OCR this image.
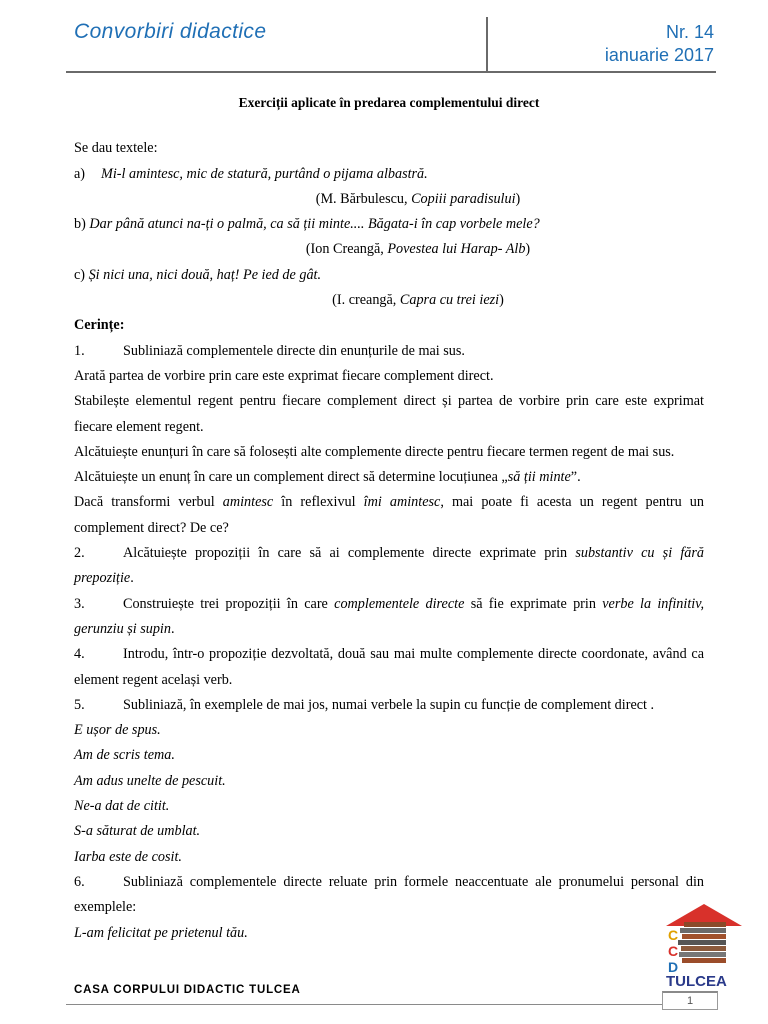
Convorbiri didactice	Nr. 14
ianuarie 2017
Exerciții aplicate în predarea complementului direct
Se dau textele:
a) Mi-l amintesc, mic de statură, purtând o pijama albastră.
(M. Bărbulescu, Copiii paradisului)
b) Dar până atunci na-ți o palmă, ca să ții minte.... Băgata-i în cap vorbele mele?
(Ion Creangă, Povestea lui Harap- Alb)
c) Și nici una, nici două, haț! Pe ied de gât.
(I. creangă, Capra cu trei iezi)
Cerințe:
1.	Subliniază complementele directe din enunțurile de mai sus.
Arată partea de vorbire prin care este exprimat fiecare complement direct.
Stabilește elementul regent pentru fiecare complement direct și partea de vorbire prin care este exprimat fiecare element regent.
Alcătuiește enunțuri în care să folosești alte complemente directe pentru fiecare termen regent de mai sus.
Alcătuiește un enunț în care un complement direct să determine locuțiunea „să ții minte”.
Dacă transformi verbul amintesc în reflexivul îmi amintesc, mai poate fi acesta un regent pentru un complement direct? De ce?
2.	Alcătuiește propoziții în care să ai complemente directe exprimate prin substantiv cu și fără prepoziție.
3.	Construiește trei propoziții în care complementele directe să fie exprimate prin verbe la infinitiv, gerunziu și supin.
4.	Introdu, într-o propoziție dezvoltată, două sau mai multe complemente directe coordonate, având ca element regent același verb.
5.	Subliniază, în exemplele de mai jos, numai verbele la supin cu funcție de complement direct .
E ușor de spus.
Am de scris tema.
Am adus unelte de pescuit.
Ne-a dat de citit.
S-a săturat de umblat.
Iarba este de cosit.
6.	Subliniază complementele directe reluate prin formele neaccentuate ale pronumelui personal din exemplele:
L-am felicitat pe prietenul tău.	C
C
D
TULCEA
CASA CORPULUI DIDACTIC TULCEA
1
